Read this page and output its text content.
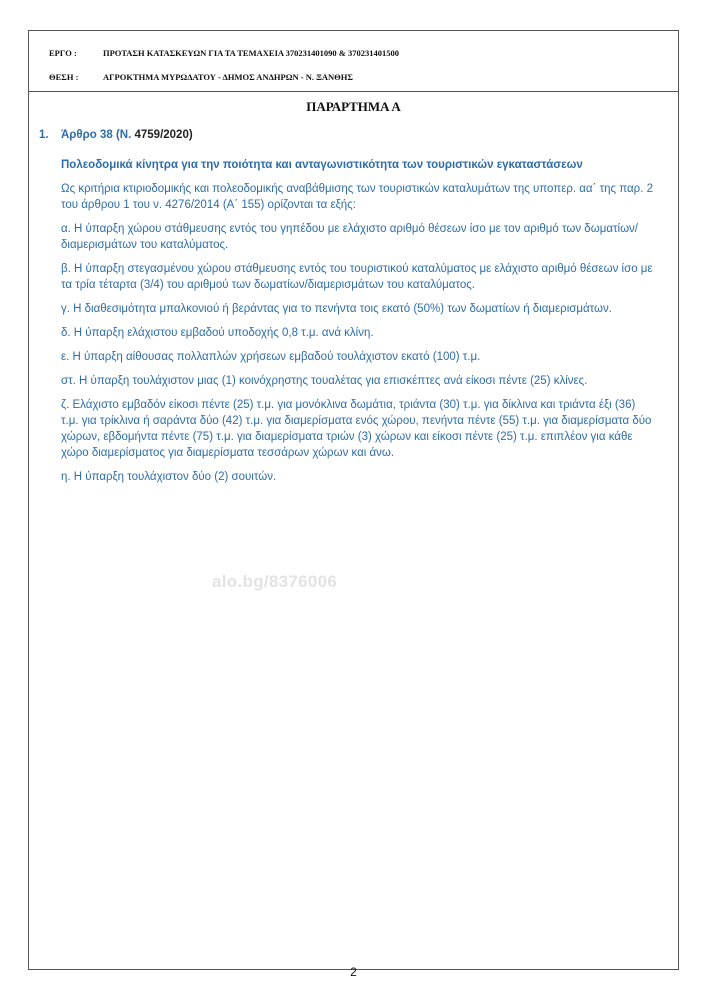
ΕΡΓΟ :	ΠΡΟΤΑΣΗ ΚΑΤΑΣΚΕΥΩΝ ΓΙΑ ΤΑ ΤΕΜΑΧΕΙΑ 370231401090 & 370231401500
ΘΕΣΗ :	ΑΓΡΟΚΤΗΜΑ ΜΥΡΩΔΑΤΟΥ - ΔΗΜΟΣ ΑΝΔΗΡΩΝ - Ν. ΞΑΝΘΗΣ
ΠΑΡΑΡΤΗΜΑ Α
1. Άρθρο 38 (Ν. 4759/2020)
Πολεοδομικά κίνητρα για την ποιότητα και ανταγωνιστικότητα των τουριστικών εγκαταστάσεων

Ως κριτήρια κτιριοδομικής και πολεοδομικής αναβάθμισης των τουριστικών καταλυμάτων της υποπερ. αα΄ της παρ. 2 του άρθρου 1 του ν. 4276/2014 (Α΄ 155) ορίζονται τα εξής:

α. Η ύπαρξη χώρου στάθμευσης εντός του γηπέδου με ελάχιστο αριθμό θέσεων ίσο με τον αριθμό των δωματίων/διαμερισμάτων του καταλύματος.

β. Η ύπαρξη στεγασμένου χώρου στάθμευσης εντός του τουριστικού καταλύματος με ελάχιστο αριθμό θέσεων ίσο με τα τρία τέταρτα (3/4) του αριθμού των δωματίων/διαμερισμάτων του καταλύματος.

γ. Η διαθεσιμότητα μπαλκονιού ή βεράντας για το πενήντα τοις εκατό (50%) των δωματίων ή διαμερισμάτων.

δ. Η ύπαρξη ελάχιστου εμβαδού υποδοχής 0,8 τ.μ. ανά κλίνη.

ε. Η ύπαρξη αίθουσας πολλαπλών χρήσεων εμβαδού τουλάχιστον εκατό (100) τ.μ.

στ. Η ύπαρξη τουλάχιστον μιας (1) κοινόχρηστης τουαλέτας για επισκέπτες ανά είκοσι πέντε (25) κλίνες.

ζ. Ελάχιστο εμβαδόν είκοσι πέντε (25) τ.μ. για μονόκλινα δωμάτια, τριάντα (30) τ.μ. για δίκλινα και τριάντα έξι (36) τ.μ. για τρίκλινα ή σαράντα δύο (42) τ.μ. για διαμερίσματα ενός χώρου, πενήντα πέντε (55) τ.μ. για διαμερίσματα δύο χώρων, εβδομήντα πέντε (75) τ.μ. για διαμερίσματα τριών (3) χώρων και είκοσι πέντε (25) τ.μ. επιπλέον για κάθε χώρο διαμερίσματος για διαμερίσματα τεσσάρων χώρων και άνω.

η. Η ύπαρξη τουλάχιστον δύο (2) σουιτών.

2
alo.bg/8376006
